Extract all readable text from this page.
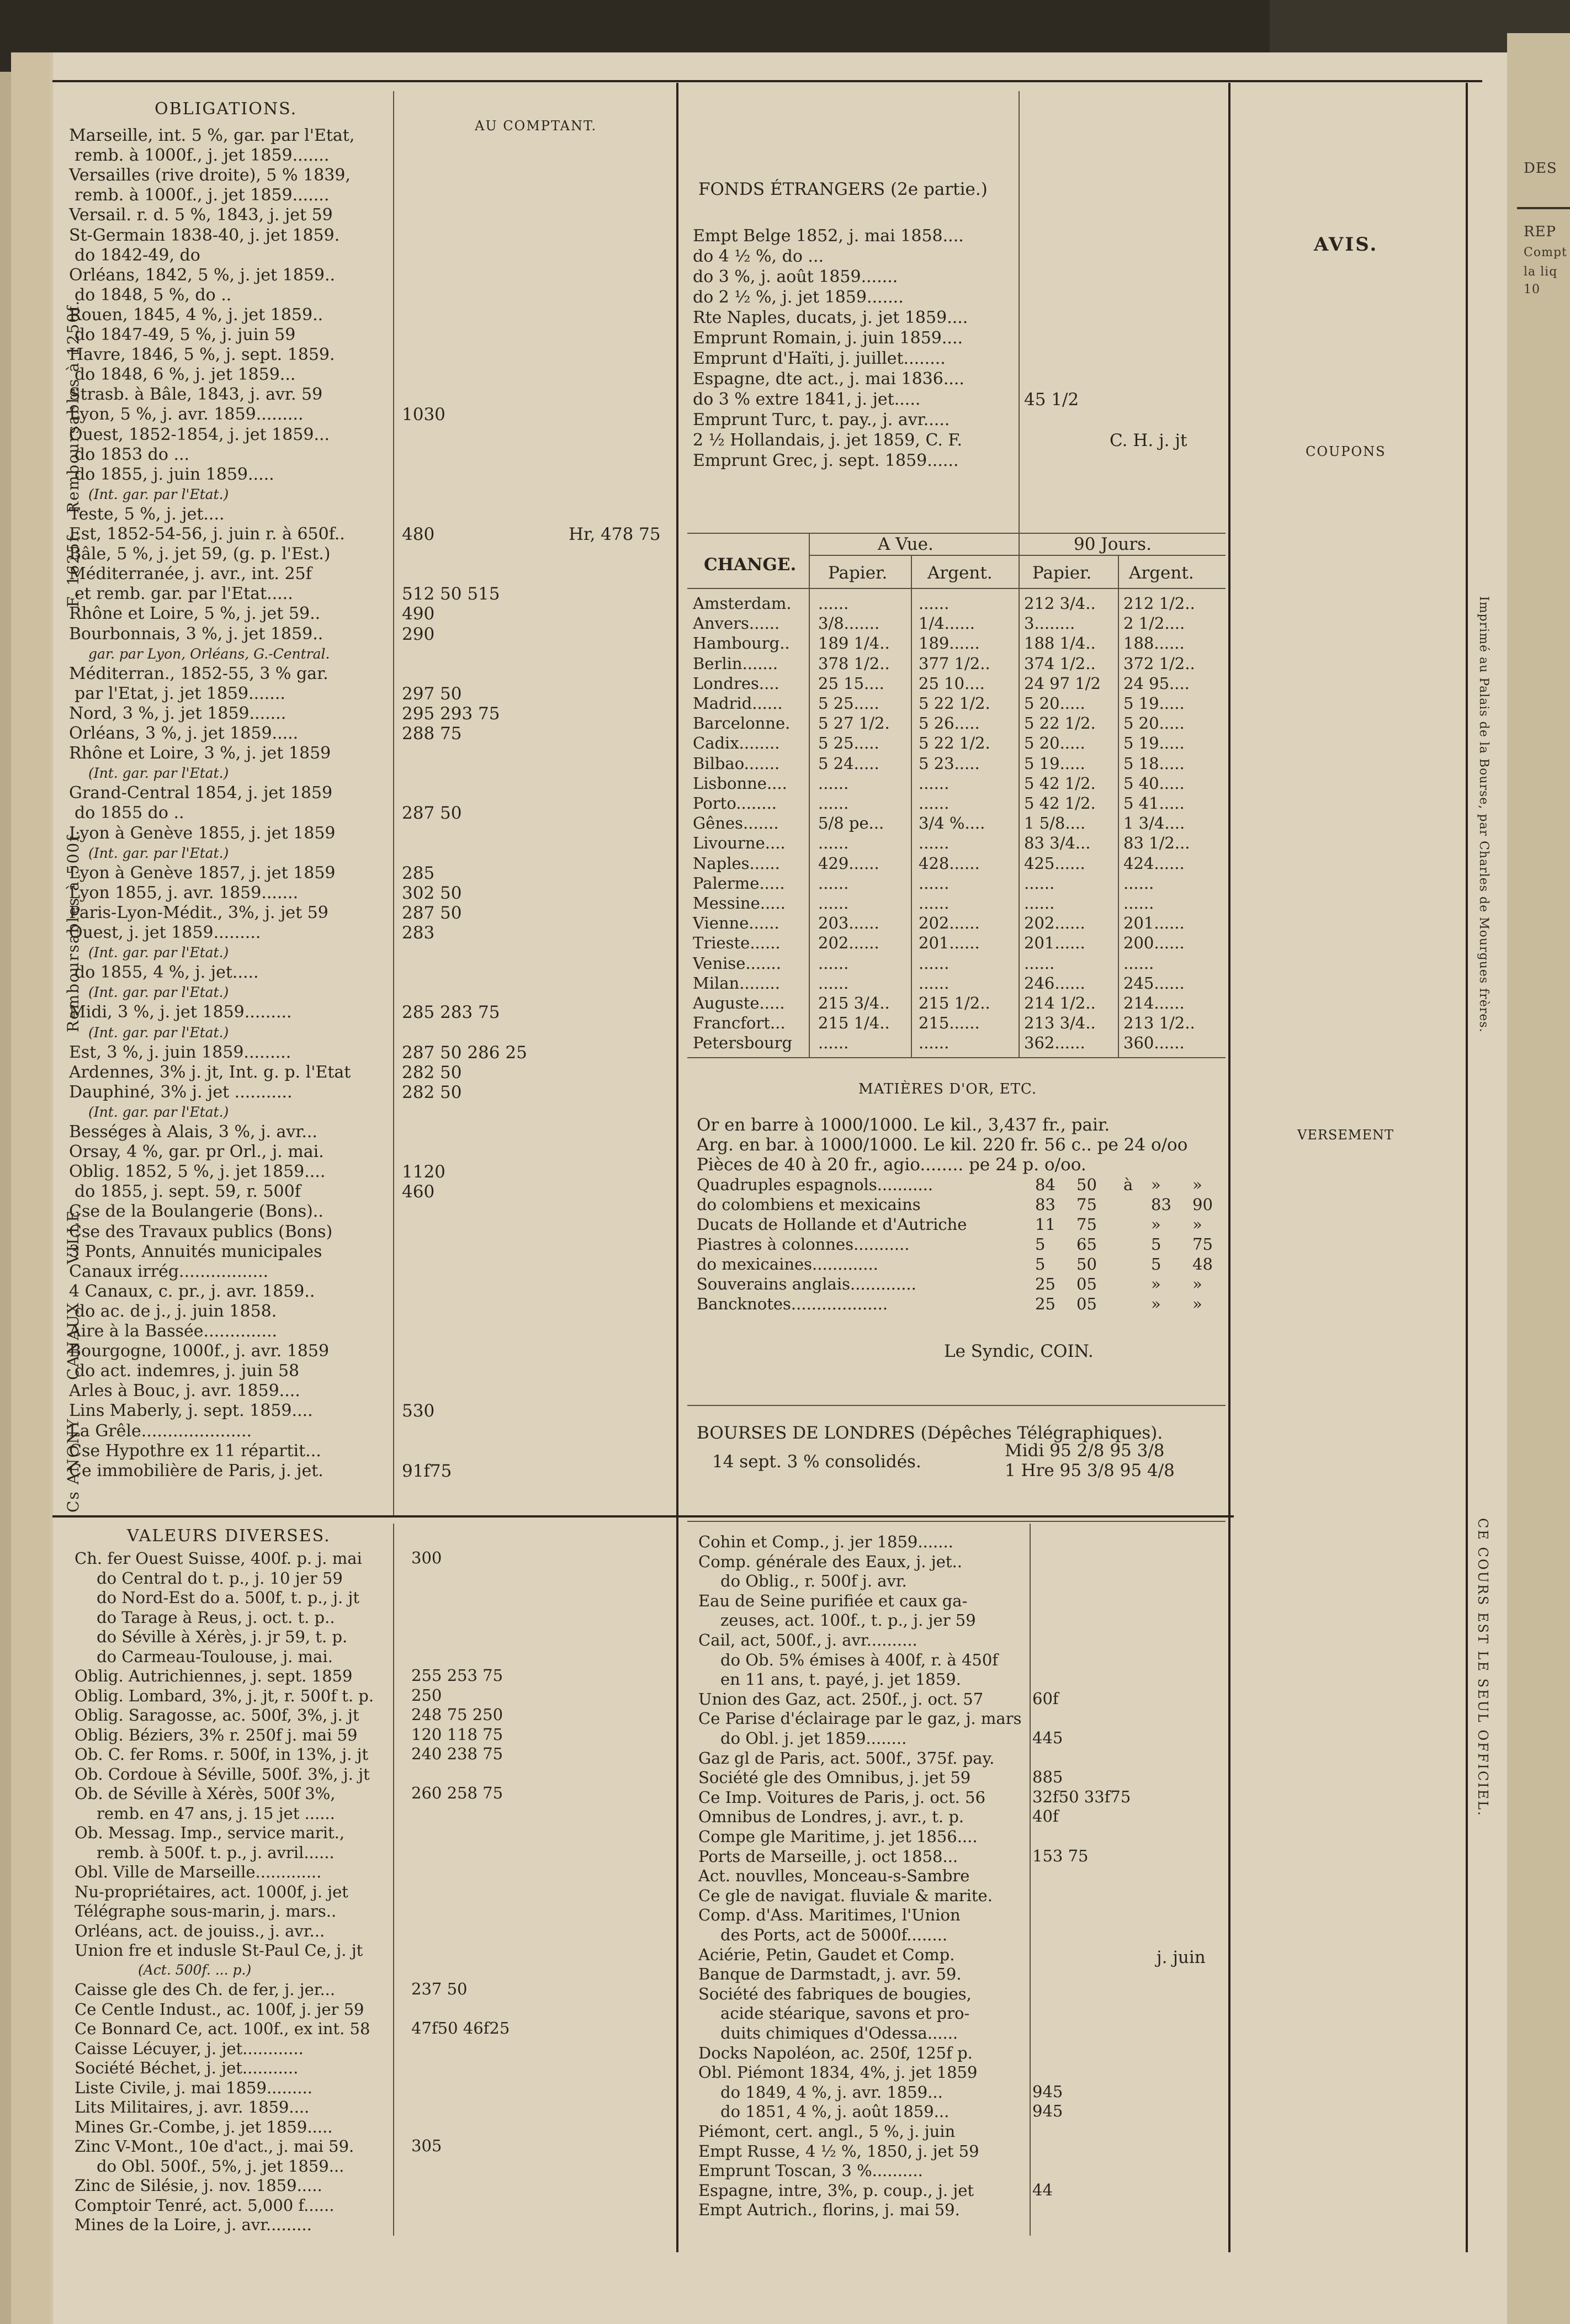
DES
REP
Compt
la liq
10
OBLIGATIONS.
AU COMPTANT.
Marseille, int. 5 %, gar. par l'Etat,
remb. à 1000f., j. jet 1859.......
Versailles (rive droite), 5 % 1839,
remb. à 1000f., j. jet 1859.......
Versail. r. d. 5 %, 1843, j. jet 59
St-Germain 1838-40, j. jet 1859.
do 1842-49, do
Orléans, 1842, 5 %, j. jet 1859..
do 1848, 5 %, do ..
Rouen, 1845, 4 %, j. jet 1859..
do 1847-49, 5 %, j. juin 59
Havre, 1846, 5 %, j. sept. 1859.
do 1848, 6 %, j. jet 1859...
Strasb. à Bâle, 1843, j. avr. 59
Lyon, 5 %, j. avr. 1859.........	1030
Ouest, 1852-1854, j. jet 1859...
do 1853 do ...
do 1855, j. juin 1859.....
(Int. gar. par l'Etat.)
Teste, 5 %, j. jet....
Est, 1852-54-56, j. juin r. à 650f..	480	Hr, 478 75
Bâle, 5 %, j. jet 59, (g. p. l'Est.)
Méditerranée, j. avr., int. 25f
et remb. gar. par l'Etat.....	512 50 515
Rhône et Loire, 5 %, j. jet 59..	490
Bourbonnais, 3 %, j. jet 1859..	290
gar. par Lyon, Orléans, G.-Central.
Méditerran., 1852-55, 3 % gar.
par l'Etat, j. jet 1859.......	297 50
Nord, 3 %, j. jet 1859.......	295 293 75
Orléans, 3 %, j. jet 1859.....	288 75
Rhône et Loire, 3 %, j. jet 1859
(Int. gar. par l'Etat.)
Grand-Central 1854, j. jet 1859
do 1855 do ..	287 50
Lyon à Genève 1855, j. jet 1859
(Int. gar. par l'Etat.)
Lyon à Genève 1857, j. jet 1859	285
Lyon 1855, j. avr. 1859.......	302 50
Paris-Lyon-Médit., 3%, j. jet 59	287 50
Ouest, j. jet 1859.........	283
(Int. gar. par l'Etat.)
do 1855, 4 %, j. jet.....
(Int. gar. par l'Etat.)
Midi, 3 %, j. jet 1859.........	285 283 75
(Int. gar. par l'Etat.)
Est, 3 %, j. juin 1859.........	287 50 286 25
Ardennes, 3% j. jt, Int. g. p. l'Etat	282 50
Dauphiné, 3% j. jet ...........	282 50
(Int. gar. par l'Etat.)
Bességes à Alais, 3 %, j. avr...
Orsay, 4 %, gar. pr Orl., j. mai.
Oblig. 1852, 5 %, j. jet 1859....	1120
do 1855, j. sept. 59, r. 500f	460
Cse de la Boulangerie (Bons)..
Cse des Travaux publics (Bons)
3 Ponts, Annuités municipales
Canaux irrég.................
4 Canaux, c. pr., j. avr. 1859..
do ac. de j., j. juin 1858.
Aire à la Bassée..............
Bourgogne, 1000f., j. avr. 1859
do act. indemres, j. juin 58
Arles à Bouc, j. avr. 1859....
Lins Maberly, j. sept. 1859....	530
La Grêle.....................
Cse Hypothre ex 11 répartit...
Ce immobilière de Paris, j. jet.	91f75
Remboursables à 1250f.
F. 1625f.
Remboursables à 500f.
VILLE
CANAUX
Cs ANONY
FONDS ÉTRANGERS (2e partie.)
Empt Belge 1852, j. mai 1858....
do 4 ½ %, do ...
do 3 %, j. août 1859.......
do 2 ½ %, j. jet 1859.......
Rte Naples, ducats, j. jet 1859....
Emprunt Romain, j. juin 1859....
Emprunt d'Haïti, j. juillet........
Espagne, dte act., j. mai 1836....
do 3 % extre 1841, j. jet.....	45 1/2
Emprunt Turc, t. pay., j. avr.....
2 ½ Hollandais, j. jet 1859, C. F.	C. H. j. jt
Emprunt Grec, j. sept. 1859......
CHANGE.
A Vue.	90 Jours.
Papier. Argent. Papier. Argent.
Amsterdam. ......	......	212 3/4.. 212 1/2..
Anvers...... 3/8....... 1/4......	3........	2 1/2....
Hambourg.. 189 1/4.. 189......	188 1/4.. 188......
Berlin.......	378 1/2.. 377 1/2.. 374 1/2.. 372 1/2..
Londres.... 25 15.... 25 10.... 24 97 1/2 24 95....
Madrid...... 5 25..... 5 22 1/2. 5 20..... 5 19.....
Barcelonne. 5 27 1/2. 5 26.....	5 22 1/2. 5 20.....
Cadix........ 5 25..... 5 22 1/2. 5 20..... 5 19.....
Bilbao....... 5 24..... 5 23.....	5 19..... 5 18.....
Lisbonne.... ......	......	5 42 1/2. 5 40.....
Porto........	......	......	5 42 1/2. 5 41.....
Gênes....... 5/8 pe... 3/4 %.... 1 5/8.... 1 3/4....
Livourne.... ......	......	83 3/4... 83 1/2...
Naples...... 429...... 428......	425...... 424......
Palerme..... ......	......	......	......
Messine..... ......	......	......	......
Vienne...... 203...... 202......	202...... 201......
Trieste...... 202...... 201......	201...... 200......
Venise....... ......	......	......	......
Milan........ ......	......	246...... 245......
Auguste..... 215 3/4.. 215 1/2.. 214 1/2.. 214......
Francfort... 215 1/4.. 215......	213 3/4.. 213 1/2..
Petersbourg ......	......	362...... 360......
MATIÈRES D'OR, ETC.
Or en barre à 1000/1000. Le kil., 3,437 fr., pair.
Arg. en bar. à 1000/1000. Le kil. 220 fr. 56 c.. pe 24 o/oo
Pièces de 40 à 20 fr., agio........ pe 24 p. o/oo.
Quadruples espagnols...........	84 50 à » »
do colombiens et mexicains	83 75	83 90
Ducats de Hollande et d'Autriche	11 75	» »
Piastres à colonnes...........	5 65	5 75
do mexicaines.............	5 50	5 48
Souverains anglais.............	25 05	» »
Bancknotes...................	25 05	» »
Le Syndic, COIN.
BOURSES DE LONDRES (Dépêches Télégraphiques).
14 sept. 3 % consolidés.
Midi 95 2/8 95 3/8
1 Hre 95 3/8 95 4/8
VALEURS DIVERSES.
Ch. fer Ouest Suisse, 400f. p. j. mai	300
do Central do t. p., j. 10 jer 59
do Nord-Est do a. 500f, t. p., j. jt
do Tarage à Reus, j. oct. t. p..
do Séville à Xérès, j. jr 59, t. p.
do Carmeau-Toulouse, j. mai.
Oblig. Autrichiennes, j. sept. 1859	255 253 75
Oblig. Lombard, 3%, j. jt, r. 500f t. p. 250
Oblig. Saragosse, ac. 500f, 3%, j. jt	248 75 250
Oblig. Béziers, 3% r. 250f j. mai 59	120 118 75
Ob. C. fer Roms. r. 500f, in 13%, j. jt	240 238 75
Ob. Cordoue à Séville, 500f. 3%, j. jt
Ob. de Séville à Xérès, 500f 3%,	260 258 75
remb. en 47 ans, j. 15 jet ......
Ob. Messag. Imp., service marit.,
remb. à 500f. t. p., j. avril......
Obl. Ville de Marseille.............
Nu-propriétaires, act. 1000f, j. jet
Télégraphe sous-marin, j. mars..
Orléans, act. de jouiss., j. avr...
Union fre et indusle St-Paul Ce, j. jt
(Act. 500f. ... p.)
Caisse gle des Ch. de fer, j. jer...	237 50
Ce Centle Indust., ac. 100f, j. jer 59
Ce Bonnard Ce, act. 100f., ex int. 58	47f50 46f25
Caisse Lécuyer, j. jet............
Société Béchet, j. jet...........
Liste Civile, j. mai 1859.........
Lits Militaires, j. avr. 1859....
Mines Gr.-Combe, j. jet 1859.....
Zinc V-Mont., 10e d'act., j. mai 59.	305
do Obl. 500f., 5%, j. jet 1859...
Zinc de Silésie, j. nov. 1859.....
Comptoir Tenré, act. 5,000 f......
Mines de la Loire, j. avr.........
Cohin et Comp., j. jer 1859.......
Comp. générale des Eaux, j. jet..
do Oblig., r. 500f j. avr.
Eau de Seine purifiée et caux ga-
zeuses, act. 100f., t. p., j. jer 59
Cail, act, 500f., j. avr..........
do Ob. 5% émises à 400f, r. à 450f
en 11 ans, t. payé, j. jet 1859.
Union des Gaz, act. 250f., j. oct. 57	60f
Ce Parise d'éclairage par le gaz, j. mars
do Obl. j. jet 1859........	445
Gaz gl de Paris, act. 500f., 375f. pay.
Société gle des Omnibus, j. jet 59	885
Ce Imp. Voitures de Paris, j. oct. 56	32f50 33f75
Omnibus de Londres, j. avr., t. p.	40f
Compe gle Maritime, j. jet 1856....
Ports de Marseille, j. oct 1858...	153 75
Act. nouvlles, Monceau-s-Sambre
Ce gle de navigat. fluviale & marite.
Comp. d'Ass. Maritimes, l'Union
des Ports, act de 5000f........
Aciérie, Petin, Gaudet et Comp.
Banque de Darmstadt, j. avr. 59.
Société des fabriques de bougies,
acide stéarique, savons et pro-
duits chimiques d'Odessa......
Docks Napoléon, ac. 250f, 125f p.
Obl. Piémont 1834, 4%, j. jet 1859
do 1849, 4 %, j. avr. 1859...	945
do 1851, 4 %, j. août 1859...	945
Piémont, cert. angl., 5 %, j. juin
Empt Russe, 4 ½ %, 1850, j. jet 59
Emprunt Toscan, 3 %..........
Espagne, intre, 3%, p. coup., j. jet	44
Empt Autrich., florins, j. mai 59.
AVIS.
COUPONS
VERSEMENT
j. juin
Imprimé au Palais de la Bourse, par Charles de Mourgues frères.
CE COURS EST LE SEUL OFFICIEL.
